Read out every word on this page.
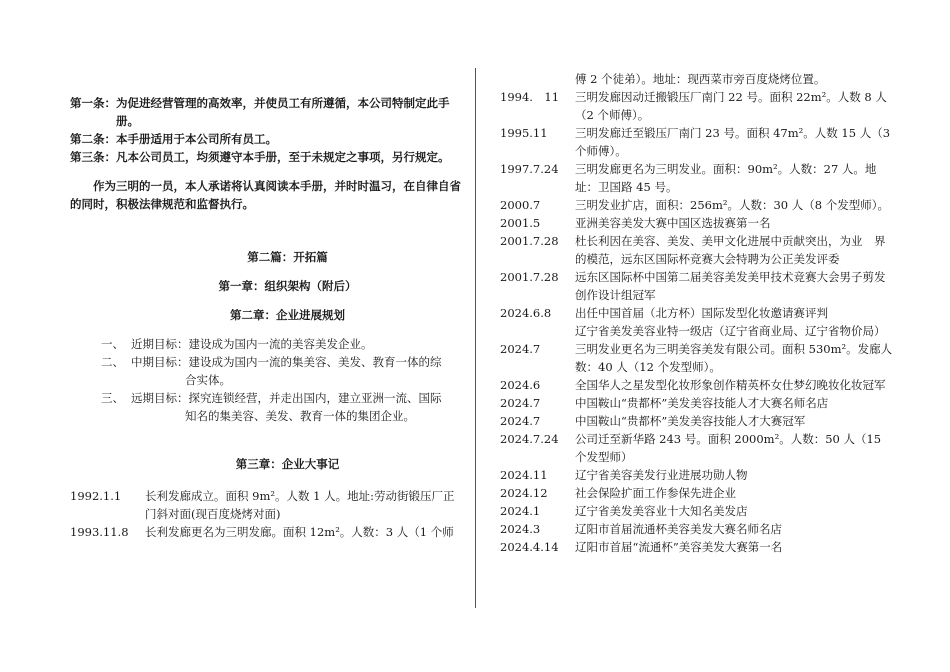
第一条： 为促进经营管理的高效率，并使员工有所遵循，本公司特制定此手册。
第二条： 本手册适用于本公司所有员工。
第三条： 凡本公司员工，均须遵守本手册，至于未规定之事项，另行规定。
作为三明的一员，本人承诺将认真阅读本手册，并时时温习，在自律自省的同时，积极法律规范和监督执行。
第二篇：开拓篇
第一章：组织架构（附后）
第二章：企业进展规划
一、 近期目标：建设成为国内一流的美容美发企业。
二、 中期目标：建设成为国内一流的集美容、美发、教育一体的综
合实体。
三、 远期目标：探究连锁经营，并走出国内，建立亚洲一流、国际
知名的集美容、美发、教育一体的集团企业。
第三章：企业大事记
1992.1.1	长利发廊成立。面积 9m²。人数 1 人。地址:劳动街锻压厂正门斜对面(现百度烧烤对面)
1993.11.8	长利发廊更名为三明发廊。面积 12m²。人数：3 人（1 个师
傅 2 个徒弟）。地址：现西菜市旁百度烧烤位置。
1994.　11	三明发廊因动迁搬锻压厂南门 22 号。面积 22m²。人数 8 人（2 个师傅）。
1995.11	三明发廊迁至锻压厂南门 23 号。面积 47m²。人数 15 人（3 个师傅）。
1997.7.24	三明发廊更名为三明发业。面积：90m²。人数：27 人。地址：卫国路 45 号。
2000.7	三明发业扩店，面积：256m²。人数：30 人（8 个发型师）。
2001.5	亚洲美容美发大赛中国区选拔赛第一名
2001.7.28	杜长利因在美容、美发、美甲文化进展中贡献突出，为业　界
的模范，远东区国际杯竞赛大会特聘为公正美发评委
2001.7.28	远东区国际杯中国第二届美容美发美甲技术竞赛大会男子剪发创作设计组冠军
2024.6.8	出任中国首届（北方杯）国际发型化妆邀请赛评判
辽宁省美发美容业特一级店（辽宁省商业局、辽宁省物价局）
2024.7	三明发业更名为三明美容美发有限公司。面积 530m²。发廊人数：40 人（12 个发型师）。
2024.6	全国华人之星发型化妆形象创作精英杯女仕梦幻晚妆化妆冠军
2024.7	中国鞍山“贵都杯”美发美容技能人才大赛名师名店
2024.7	中国鞍山“贵都杯”美发美容技能人才大赛冠军
2024.7.24	公司迁至新华路 243 号。面积 2000m²。人数：50 人（15 个发型师）
2024.11	辽宁省美容美发行业进展功勋人物
2024.12	社会保险扩面工作参保先进企业
2024.1	辽宁省美发美容业十大知名美发店
2024.3	辽阳市首届流通杯美容美发大赛名师名店
2024.4.14	辽阳市首届“流通杯”美容美发大赛第一名
